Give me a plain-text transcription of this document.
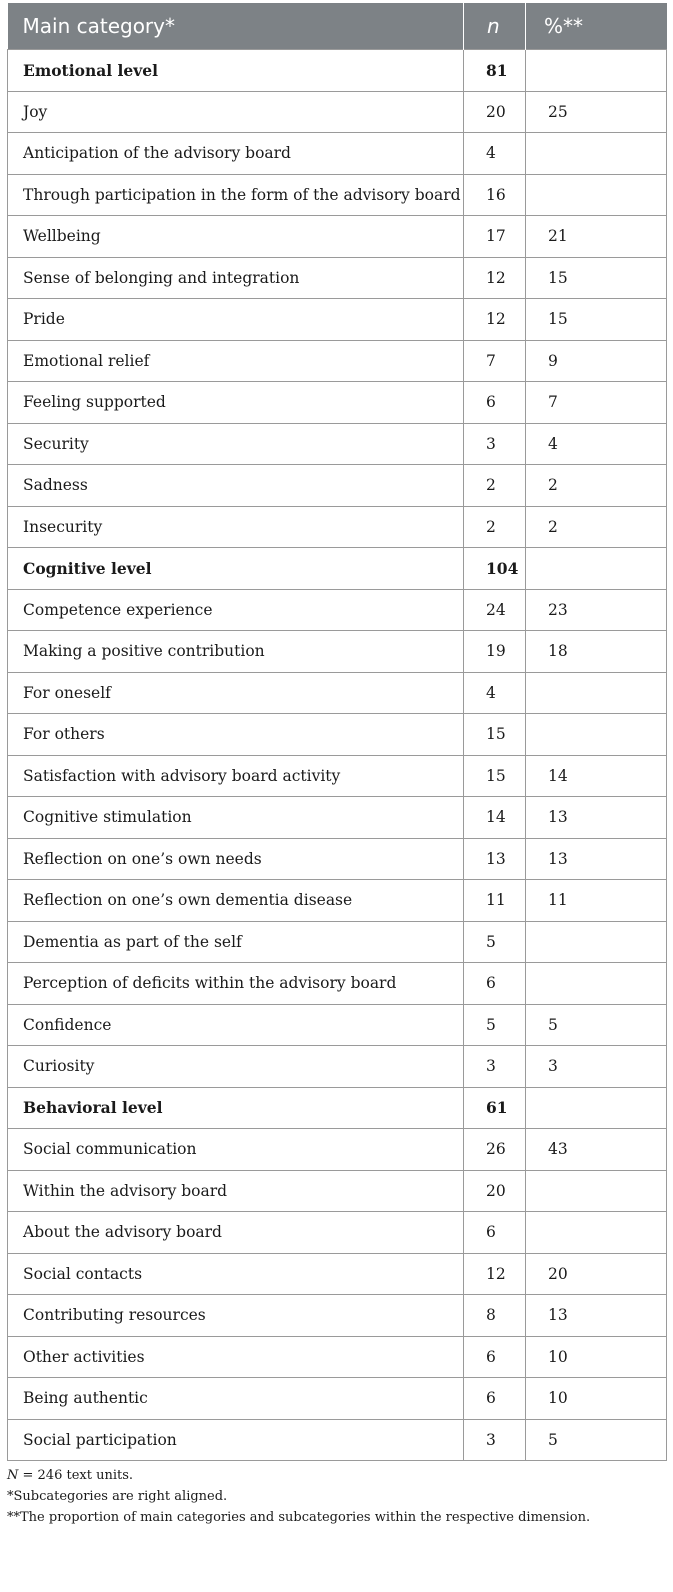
Main category*	n	%**
Emotional level	81	
Joy	20	25
Anticipation of the advisory board	4	
Through participation in the form of the advisory board	16	
Wellbeing	17	21
Sense of belonging and integration	12	15
Pride	12	15
Emotional relief	7	9
Feeling supported	6	7
Security	3	4
Sadness	2	2
Insecurity	2	2
Cognitive level	104	
Competence experience	24	23
Making a positive contribution	19	18
For oneself	4	
For others	15	
Satisfaction with advisory board activity	15	14
Cognitive stimulation	14	13
Reflection on one’s own needs	13	13
Reflection on one’s own dementia disease	11	11
Dementia as part of the self	5	
Perception of deficits within the advisory board	6	
Confidence	5	5
Curiosity	3	3
Behavioral level	61	
Social communication	26	43
Within the advisory board	20	
About the advisory board	6	
Social contacts	12	20
Contributing resources	8	13
Other activities	6	10
Being authentic	6	10
Social participation	3	5
N = 246 text units.
*Subcategories are right aligned.
**The proportion of main categories and subcategories within the respective dimension.
